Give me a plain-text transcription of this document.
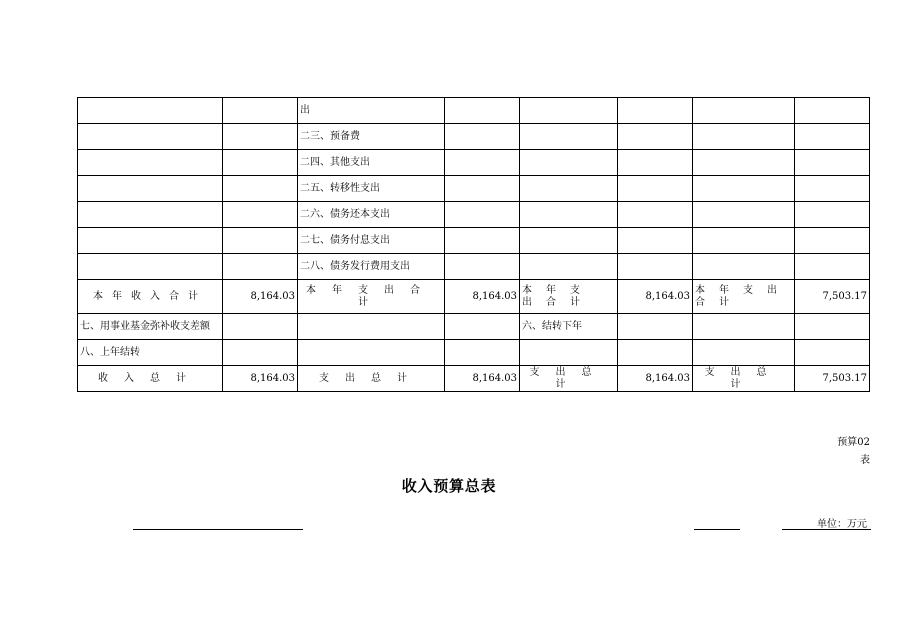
		出					
		二三、预备费					
		二四、其他支出					
		二五、转移性支出					
		二六、债务还本支出					
		二七、债务付息支出					
		二八、债务发行费用支出					
本年收入合计	8,164.03	本年支出合计	8,164.03	本年支出合计	8,164.03	本年支出合计	7,503.17
七、用事业基金弥补收支差额				六、结转下年			
八、上年结转							
收入总计	8,164.03	支出总计	8,164.03	支出总计	8,164.03	支出总计	7,503.17
预算02
表
收入预算总表
单位：万元
